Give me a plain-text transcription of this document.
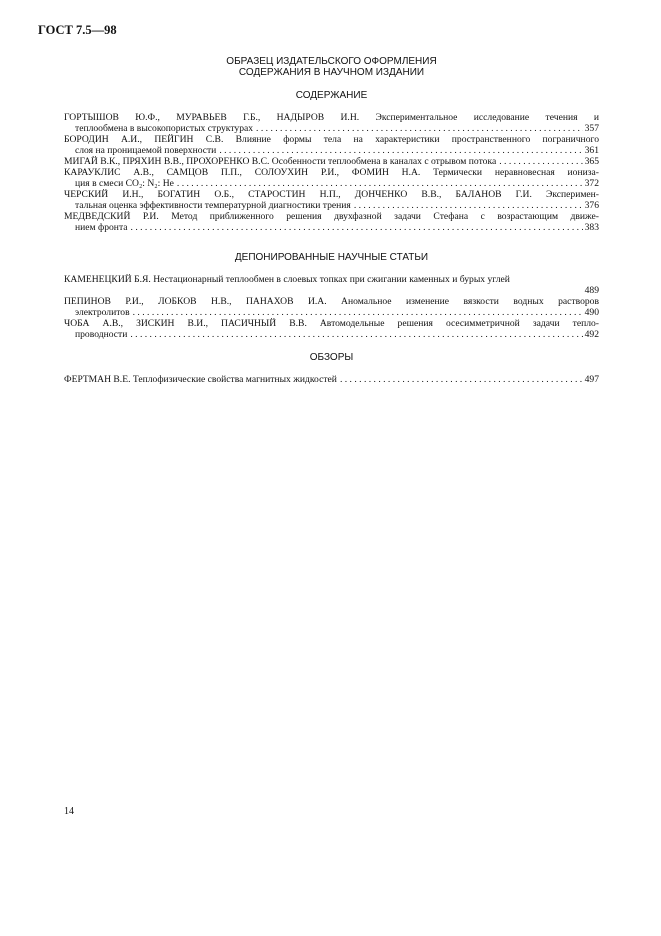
ГОСТ 7.5—98
ОБРАЗЕЦ ИЗДАТЕЛЬСКОГО ОФОРМЛЕНИЯ
СОДЕРЖАНИЯ В НАУЧНОМ ИЗДАНИИ
СОДЕРЖАНИЕ
ГОРТЫШОВ Ю.Ф., МУРАВЬЕВ Г.Б., НАДЫРОВ И.Н. Экспериментальное исследование течения и
теплообмена в высокопористых структурах . . .	357
БОРОДИН А.И., ПЕЙГИН С.В. Влияние формы тела на характеристики пространственного пограничного
слоя на проницаемой поверхности . . .	361
МИГАЙ В.К., ПРЯХИН В.В., ПРОХОРЕНКО В.С. Особенности теплообмена в каналах с отрывом потока . . .	365
КАРАУКЛИС А.В., САМЦОВ П.П., СОЛОУХИН Р.И., ФОМИН Н.А. Термически неравновесная иониза-
ция в смеси CO₂: N₂: He . . .	372
ЧЕРСКИЙ И.Н., БОГАТИН О.Б., СТАРОСТИН Н.П., ДОНЧЕНКО В.В., БАЛАНОВ Г.И. Эксперимен-
тальная оценка эффективности температурной диагностики трения . . .	376
МЕДВЕДСКИЙ Р.И. Метод приближенного решения двухфазной задачи Стефана с возрастающим движе-
нием фронта . . .	383
ДЕПОНИРОВАННЫЕ НАУЧНЫЕ СТАТЬИ
КАМЕНЕЦКИЙ Б.Я. Нестационарный теплообмен в слоевых топках при сжигании каменных и бурых углей
489
ПЕПИНОВ Р.И., ЛОБКОВ Н.В., ПАНАХОВ И.А. Аномальное изменение вязкости водных растворов
электролитов . . .	490
ЧОБА А.В., ЗИСКИН В.И., ПАСИЧНЫЙ В.В. Автомодельные решения осесимметричной задачи тепло-
проводности . . .	492
ОБЗОРЫ
ФЕРТМАН В.Е. Теплофизические свойства магнитных жидкостей . . .	497
14
